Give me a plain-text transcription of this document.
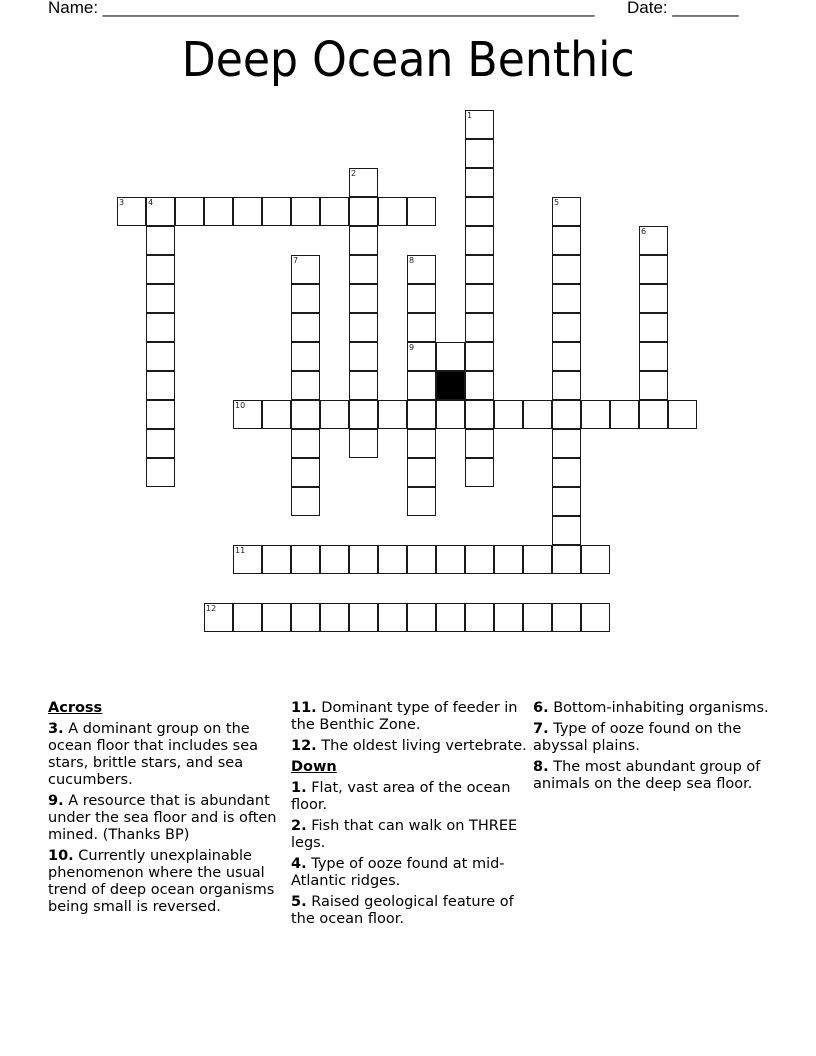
Name: ____________________________________________________ Date: _______
Deep Ocean Benthic
1
2
3	4	5
6
7	8
9
10
11
12
Across
3. A dominant group on the ocean floor that includes sea stars, brittle stars, and sea cucumbers.
9. A resource that is abundant under the sea floor and is often mined. (Thanks BP)
10. Currently unexplainable phenomenon where the usual trend of deep ocean organisms being small is reversed.
11. Dominant type of feeder in the Benthic Zone.
12. The oldest living vertebrate.
Down
1. Flat, vast area of the ocean floor.
2. Fish that can walk on THREE legs.
4. Type of ooze found at mid-Atlantic ridges.
5. Raised geological feature of the ocean floor.
6. Bottom-inhabiting organisms.
7. Type of ooze found on the abyssal plains.
8. The most abundant group of animals on the deep sea floor.
